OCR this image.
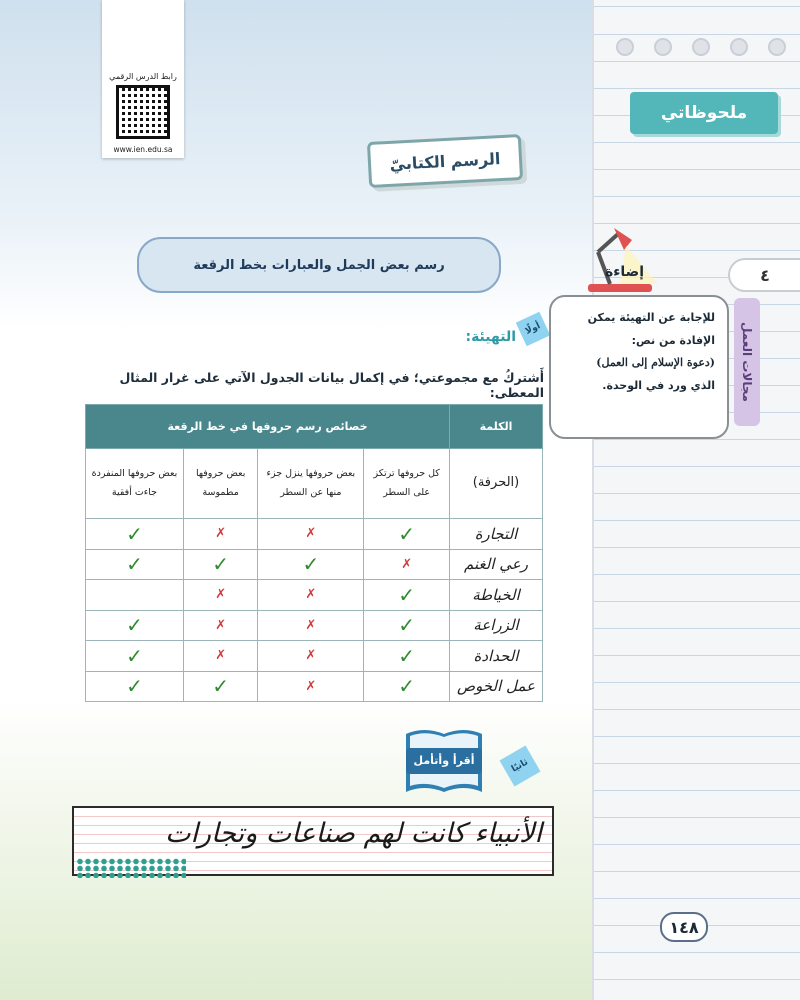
ملحوظاتي
رابط الدرس الرقمي
www.ien.edu.sa	الرسم الكتابيّ
رسم بعض الجمل والعبارات بخط الرقعة
أولًا
التهيئة:
أَشتركُ مع مجموعتي؛ في إكمال بيانات الجدول الآتي على غرار المثال المعطى:
الكلمة	خصائص رسم حروفها في خط الرقعة			
(الحرفة)	كل حروفها ترتكز على السطر	بعض حروفها ينزل جزء منها عن السطر	بعض حروفها مطموسة	بعض حروفها المنفردة جاءت أفقية
التجارة	✓	✗	✗	✓
رعي الغنم	✗	✓	✓	✓
الخياطة	✓	✗	✗	
الزراعة	✓	✗	✗	✓
الحدادة	✓	✗	✗	✓
عمل الخوص	✓	✗	✓	✓
إضاءة
للإجابة عن التهيئة يمكن
الإفادة من نص:
(دعوة الإسلام إلى العمل)
الذي ورد في الوحدة.
٤
مجالات العمل
أقرأ وأتأمل	ثانيًا
الأنبياء كانت لهم صناعات وتجارات
١٤٨
